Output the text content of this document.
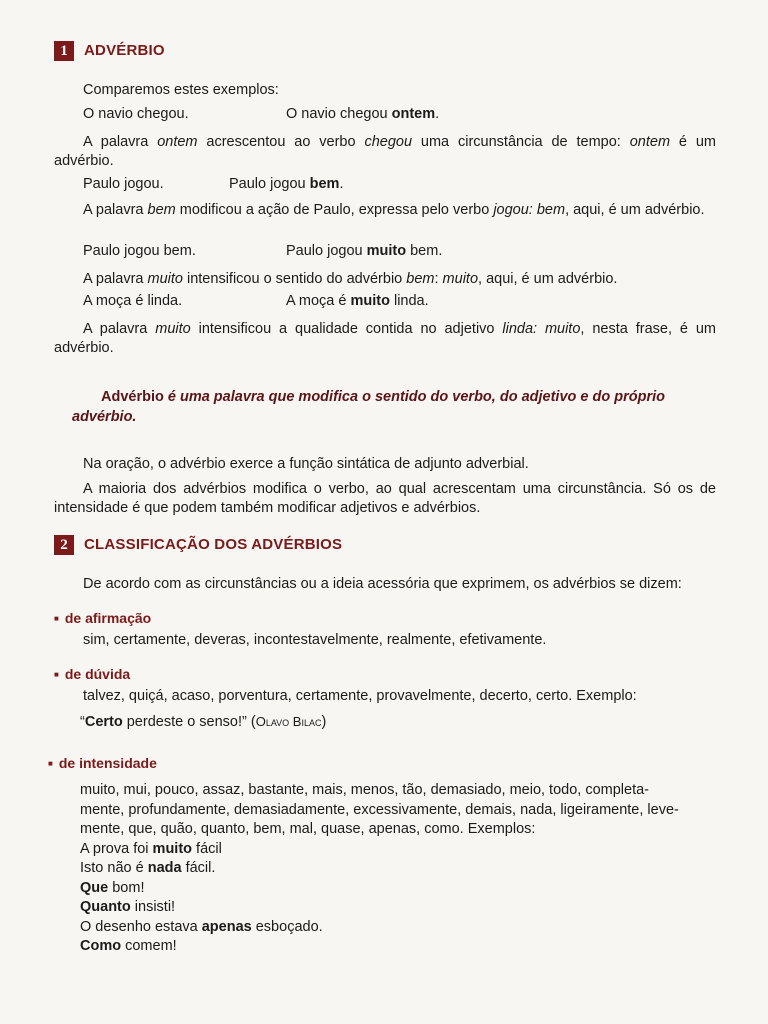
1	ADVÉRBIO
Comparemos estes exemplos:
O navio chegou.	O navio chegou ontem.
A palavra ontem acrescentou ao verbo chegou uma circunstância de tempo: ontem é um advérbio.
Paulo jogou.	Paulo jogou bem.
A palavra bem modificou a ação de Paulo, expressa pelo verbo jogou: bem, aqui, é um advérbio.
Paulo jogou bem.	Paulo jogou muito bem.
A palavra muito intensificou o sentido do advérbio bem: muito, aqui, é um advérbio.
A moça é linda.	A moça é muito linda.
A palavra muito intensificou a qualidade contida no adjetivo linda: muito, nesta frase, é um advérbio.
Advérbio é uma palavra que modifica o sentido do verbo, do adjetivo e do próprio advérbio.
Na oração, o advérbio exerce a função sintática de adjunto adverbial.
A maioria dos advérbios modifica o verbo, ao qual acrescentam uma circunstância. Só os de intensidade é que podem também modificar adjetivos e advérbios.
2	CLASSIFICAÇÃO DOS ADVÉRBIOS
De acordo com as circunstâncias ou a ideia acessória que exprimem, os advérbios se dizem:
■ de afirmação
sim, certamente, deveras, incontestavelmente, realmente, efetivamente.
■ de dúvida
talvez, quiçá, acaso, porventura, certamente, provavelmente, decerto, certo. Exemplo:
“Certo perdeste o senso!” (Olavo Bilac)
■ de intensidade
muito, mui, pouco, assaz, bastante, mais, menos, tão, demasiado, meio, todo, completa-
mente, profundamente, demasiadamente, excessivamente, demais, nada, ligeiramente, leve-
mente, que, quão, quanto, bem, mal, quase, apenas, como. Exemplos:
A prova foi muito fácil
Isto não é nada fácil.
Que bom!
Quanto insisti!
O desenho estava apenas esboçado.
Como comem!
